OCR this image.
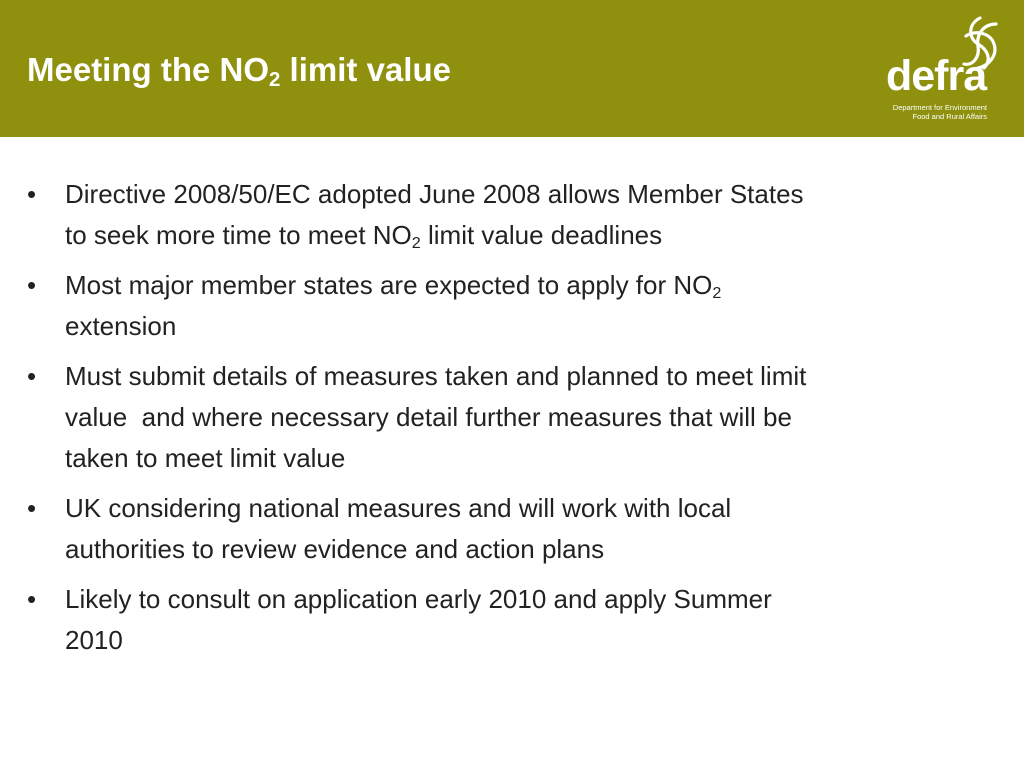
Meeting the $NO_2$ limit value	defra
Department for Environment
Food and Rural Affairs
•	Directive 2008/50/EC adopted June 2008 allows Member States
to seek more time to meet $NO_2$ limit value deadlines
•	Most major member states are expected to apply for $NO_2$
extension
•	Must submit details of measures taken and planned to meet limit
value  and where necessary detail further measures that will be
taken to meet limit value
•	UK considering national measures and will work with local
authorities to review evidence and action plans
•	Likely to consult on application early 2010 and apply Summer
2010
